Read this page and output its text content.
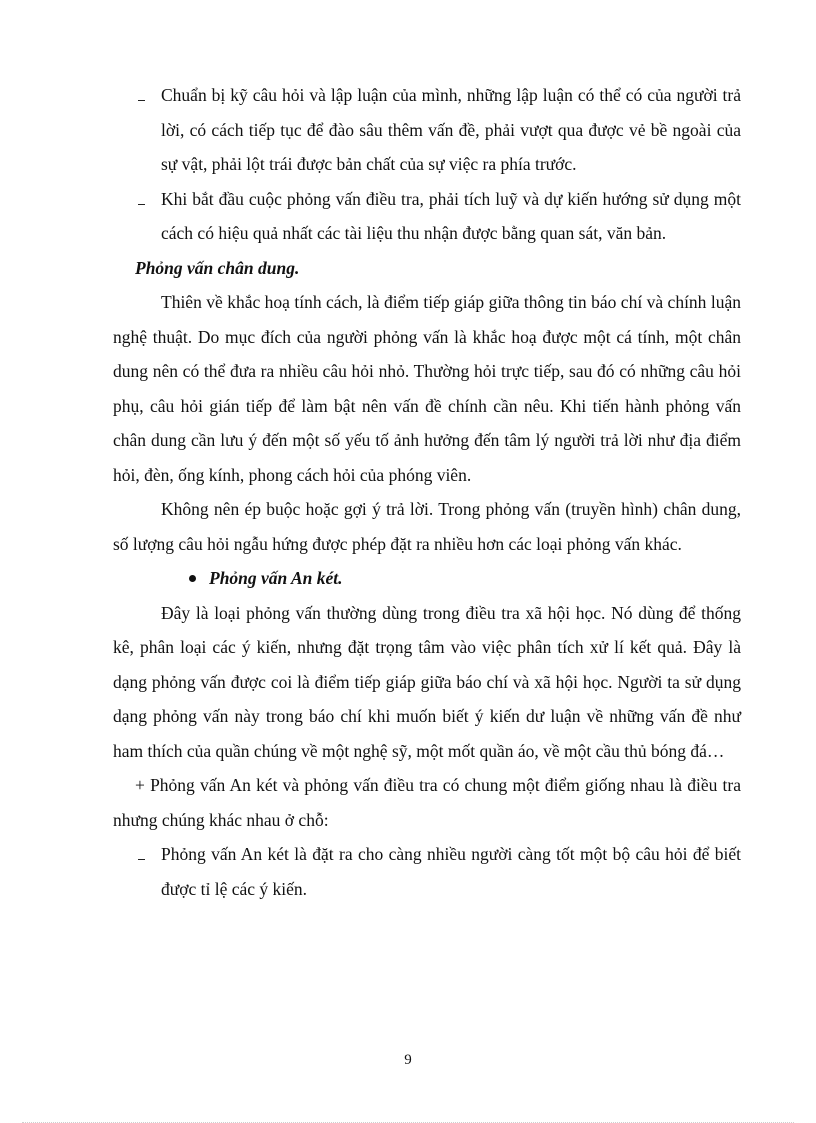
Chuẩn bị kỹ câu hỏi và lập luận của mình, những lập luận có thể có của người trả lời, có cách tiếp tục để đào sâu thêm vấn đề, phải vượt qua được vẻ bề ngoài của sự vật, phải lột trái được bản chất của sự việc ra phía trước.
Khi bắt đầu cuộc phỏng vấn điều tra, phải tích luỹ và dự kiến hướng sử dụng một cách có hiệu quả nhất các tài liệu thu nhận được bằng quan sát, văn bản.
Phỏng vấn chân dung.
Thiên về khắc hoạ tính cách, là điểm tiếp giáp giữa thông tin báo chí và chính luận nghệ thuật. Do mục đích của người phỏng vấn là khắc hoạ được một cá tính, một chân dung nên có thể đưa ra nhiều câu hỏi nhỏ. Thường hỏi trực tiếp, sau đó có những câu hỏi phụ, câu hỏi gián tiếp để làm bật nên vấn đề chính cần nêu. Khi tiến hành phỏng vấn chân dung cần lưu ý đến một số yếu tố ảnh hưởng đến tâm lý người trả lời như địa điểm hỏi, đèn, ống kính, phong cách hỏi của phóng viên.
Không nên ép buộc hoặc gợi ý trả lời. Trong phỏng vấn (truyền hình) chân dung, số lượng câu hỏi ngẫu hứng được phép đặt ra nhiều hơn các loại phỏng vấn khác.
Phỏng vấn An két.
Đây là loại phỏng vấn thường dùng trong điều tra xã hội học. Nó dùng để thống kê, phân loại các ý kiến, nhưng đặt trọng tâm vào việc phân tích xử lí kết quả. Đây là dạng phỏng vấn được coi là điểm tiếp giáp giữa báo chí và xã hội học. Người ta sử dụng dạng phỏng vấn này trong báo chí khi muốn biết ý kiến dư luận về những vấn đề như ham thích của quần chúng về một nghệ sỹ, một mốt quần áo, về một cầu thủ bóng đá…
+ Phỏng vấn An két và phỏng vấn điều tra có chung một điểm giống nhau là điều tra nhưng chúng khác nhau ở chỗ:
Phỏng vấn An két là đặt ra cho càng nhiều người càng tốt một bộ câu hỏi để biết được tỉ lệ các ý kiến.
9
